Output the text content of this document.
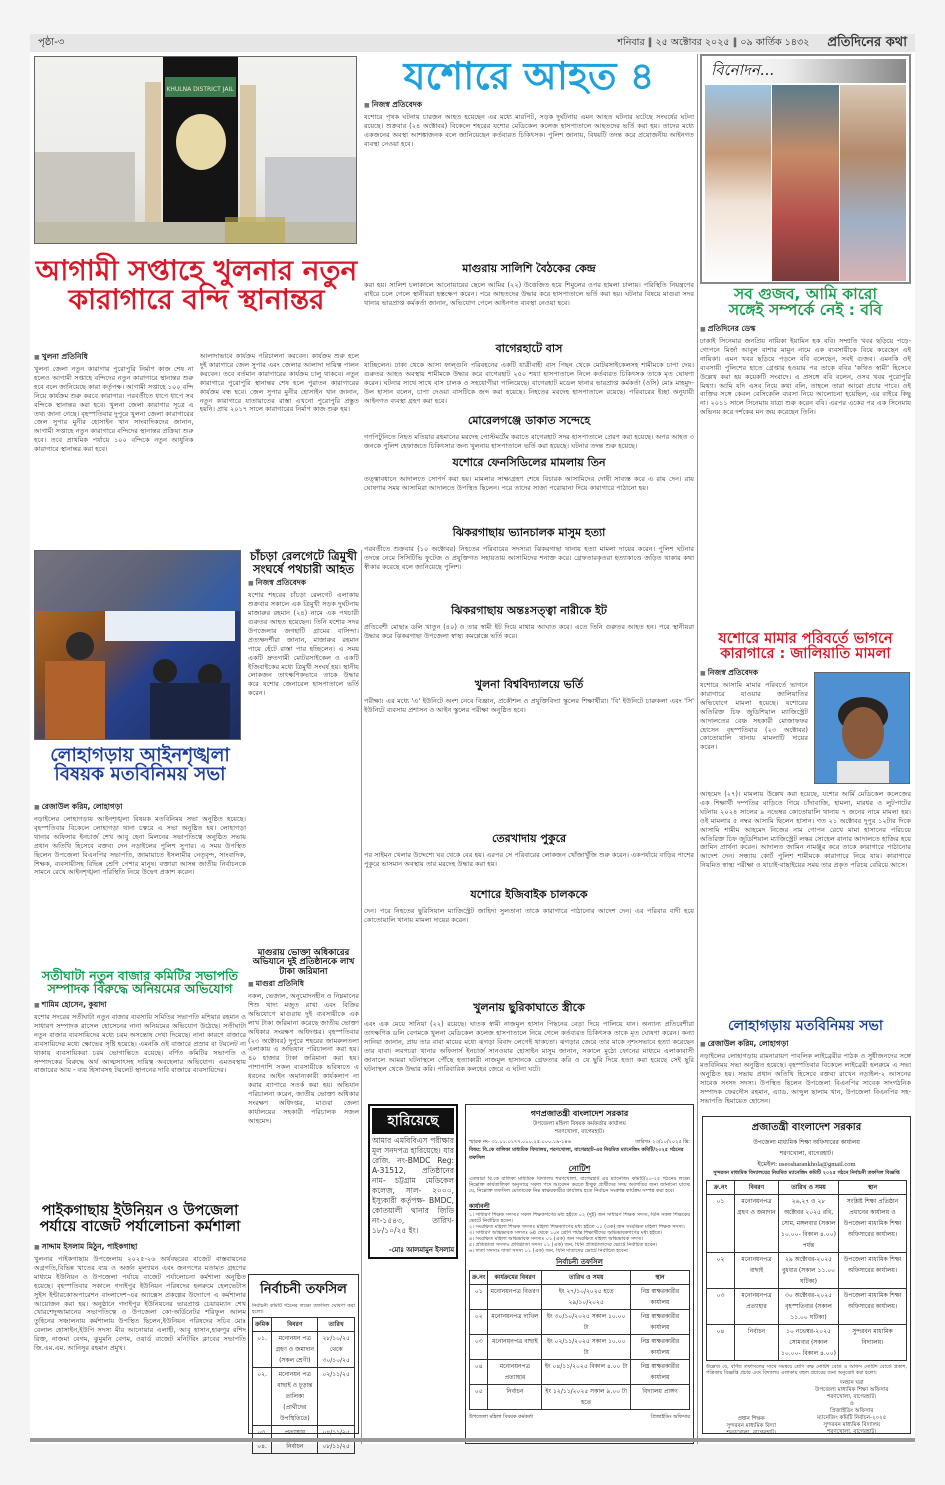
পৃষ্ঠা-৩	শনিবার ‖ ২৫ অক্টোবর ২০২৫ ‖ ০৯ কার্তিক ১৪৩২ প্রতিদিনের কথা
KHULNA DISTRICT JAIL
আগামী সপ্তাহে খুলনার নতুন
কারাগারে বন্দি স্থানান্তর
■ খুলনা প্রতিনিধি
খুলনা জেলা নতুন কারাগার পুরোপুরি নির্মাণ কাজ শেষ না হলেও আগামী সপ্তাহে বন্দিদের নতুন কারাগারে স্থানান্তর শুরু হবে বলে জানিয়েছে কারা কর্তৃপক্ষ। আগামী সপ্তাহে ১০০ বন্দি নিয়ে কার্যক্রম শুরু করবে কারাগার। পরবর্তীতে ধাপে ধাপে সব বন্দিকে স্থানান্তর করা হবে। খুলনা জেলা কারাগার সূত্রে এ তথ্য জানা গেছে। বৃহস্পতিবার দুপুরে খুলনা জেলা কারাগারের জেল সুপার মুনীর হোসাইন খান সাংবাদিকদের জানান, আগামী সপ্তাহে নতুন কারাগারে বন্দিদের স্থানান্তর প্রক্রিয়া শুরু হবে। তবে প্রাথমিক পর্যায়ে ১০০ বন্দিকে নতুন আধুনিক কারাগারে স্থানান্তর করা হবে।
আলাদাভাবে কার্যক্রম পরিচালনা করবেন। কার্যক্রম শুরু হলে দুই কারাগারে জেল সুপার এবং জেলার আলাদা দায়িত্ব পালন করবেন। তবে বর্তমান কারাগারের কার্যক্রম চালু থাকবে। নতুন কারাগারে পুরোপুরি স্থানান্তর শেষ হলে পুরাতন কারাগারের কার্যক্রম বন্ধ হবে। জেল সুপার মুনীর হোসাইন খান জানান, নতুন কারাগারে যাতায়াতের রাস্তা এখনো পুরোপুরি প্রস্তুত হয়নি। প্রায় ২০১৭ সালে কারাগারের নির্মাণ কাজ শুরু হয়।
চাঁচড়া রেলগেটে ত্রিমুখী সংঘর্ষে পথচারী আহত
■ নিজস্ব প্রতিবেদক
যশোর শহরের চাঁচড়া রেলগেট এলাকায় শুক্রবার সকালে এক ত্রিমুখী সড়ক দুর্ঘটনায় মাজারুর রহমান (২৪) নামে এক পথচারী গুরুতর আহত হয়েছেন। তিনি যশোর সদর উপজেলার জগহাটি গ্রামের বাসিন্দা। প্রত্যক্ষদর্শীরা জানান, মাজারুর রহমান পায়ে হেঁটে রাস্তা পার হচ্ছিলেন। এ সময় একটি দ্রুতগামী মোটরসাইকেল ও একটি ইজিবাইকের মধ্যে ত্রিমুখী সংঘর্ষ হয়। স্থানীয় লোকজন তাৎক্ষণিকভাবে তাকে উদ্ধার করে যশোর জেনারেল হাসপাতালে ভর্তি করেন।
লোহাগড়ায় আইনশৃঙ্খলা
বিষয়ক মতবিনিময় সভা
■ রেজাউল করিম, লোহাগড়া
নড়াইলের লোহাগড়ায় আইনশৃঙ্খলা বিষয়ক মতবিনিময় সভা অনুষ্ঠিত হয়েছে। বৃহস্পতিবার বিকেলে লোহাগড়া থানা চত্বরে এ সভা অনুষ্ঠিত হয়। লোহাগড়া থানার অফিসার ইনচার্জ শেখ আবু হেনা মিলনের সভাপতিত্বে অনুষ্ঠিত সভায় প্রধান অতিথি হিসেবে বক্তব্য দেন নড়াইলের পুলিশ সুপার। এ সময় উপস্থিত ছিলেন উপজেলা বিএনপির সভাপতি, জামায়াতে ইসলামীর নেতৃবৃন্দ, সাংবাদিক, শিক্ষক, ব্যবসায়ীসহ বিভিন্ন শ্রেণি পেশার মানুষ। বক্তারা আসন্ন জাতীয় নির্বাচনকে সামনে রেখে আইনশৃঙ্খলা পরিস্থিতি নিয়ে উদ্বেগ প্রকাশ করেন।
মাগুরায় ভোক্তা অধিকারের অভিযানে দুই প্রতিষ্ঠানকে লাখ টাকা জরিমানা
■ মাগুরা প্রতিনিধি
নকল, ভেজাল, অনুমোদনহীন ও নিম্নমানের শিশু খাদ্য মজুত রাখা এবং বিক্রির অভিযোগে মাগুরায় দুই ব্যবসায়ীকে এক লাখ টাকা জরিমানা করেছে জাতীয় ভোক্তা অধিকার সংরক্ষণ অধিদপ্তর। বৃহস্পতিবার (২৩ অক্টোবর) দুপুরে শহরের জামরুলতলা এলাকায় এ অভিযান পরিচালনা করা হয়। ৪০ হাজার টাকা জরিমানা করা হয়। পাশাপাশি সকল ব্যবসায়ীকে ভবিষ্যতে এ ধরনের আইন অমান্যকারী কার্যকলাপ না করার ব্যাপারে সতর্ক করা হয়। অভিযান পরিচালনা করেন, জাতীয় ভোক্তা অধিকার সংরক্ষণ অধিদপ্তর, মাগুরা জেলা কার্যালয়ের সহকারী পরিচালক সজল আহমেদ।
সতীঘাটা নতুন বাজার কমিটির সভাপতি
সম্পাদক বিরুদ্ধে অনিয়মের অভিযোগ
■ শামিম হোসেন, কুয়াদা
যশোর সদরের সতীঘাটা নতুন বাজার ব্যবসায়ি সমিতির সভাপতি মশিয়ার রহমান ও সাধারণ সম্পাদক রাসেল হোসেনের নানা অনিয়মের অভিযোগ উঠেছে। সতীঘাটা নতুন বাজার ব্যবসায়িদের মধ্যে চরম অসন্তোষ দেখা দিয়েছে। নানা কারণে বাজারে ব্যবসায়িদের মধ্যে ক্ষোভের সৃষ্টি হয়েছে। এমনকি ওই বাজারে প্রস্রাব বা টয়লেট না থাকায় ব্যবসায়িকরা চরম ভোগান্তিতে রয়েছে। বর্ণিত কমিটির সভাপতি ও সম্পাদকের বিরুদ্ধে অর্থ আত্মসাৎসহ দায়িত্ব অবহেলার অভিযোগ। এমতবস্থায় বাজারের আয় - ব্যয় হিসাবসহ টয়লেট স্থাপনের দাবি বাজারে ব্যবসায়িদের।
পাইকগাছায় ইউনিয়ন ও উপজেলা
পর্যায়ে বাজেট পর্যালোচনা কর্মশালা
■ সাদ্দাম ইসলাম মিঠুন, পাইকগাছা
খুলনার পাইকগাছায় উপজেলায় ২০২৫-২৬ অর্থবছরের বাজেট বাস্তবায়নের অগ্রগতি,বিভিন্ন খাতের ব্যয় ও অর্জন মূল্যায়ন এবং জনগণের মতামত গ্রহণের মাধ্যমে ইউনিয়ন ও উপজেলা পর্যায়ে বাজেট পর্যালোচনা কর্মশালা অনুষ্ঠিত হয়েছে। বৃহস্পতিবার সকালে গদাইপুর ইউনিয়ন পরিষদের হলরুমে হেলভেটাস সুইস ইন্টারকোঅপারেশন বাংলাদেশ-এর অ্যাক্সেস প্রকল্পের উদ্যোগে এ কর্মশালার আয়োজন করা হয়। অনুষ্ঠানে গদাইপুর ইউনিয়নের ভারপ্রাপ্ত চেয়ারম্যান শেখ খোরশেদুজ্জামানের সভাপতিত্বে ও উপজেলা কো-অর্ডিনেটর শরিফুল আলম তুহিনের সঞ্চালনায় কর্মশালায় উপস্থিত ছিলেন,ইউনিয়ন পরিষদের সচিব মোঃ বেলাল হোসাইন,ইউপি সদস্য মীর আনোয়ার এলাহী, আবু হাসান,হারুণুর রশিদ রিক্ত, নাজমা বেগম, ঝুমুমনি বেগম, ওয়ার্ড বাজেট মনিটরিং ক্লাবের সভাপতি জি.এম.এম. আনিসুর রহমান প্রমুখ।
নির্বাচনী তফসিল
নির্বাচনী কমিটি গঠনের লক্ষ্যে তফসিল ঘোষণা করা হলো।
ক্রমিক	বিবরণ	তারিখ
০১.	মনোনয়ন পত্র গ্রহণ ও জমাদান (সকল শ্রেণী)	২৮/১০/২৫ থেকে ৩০/১০/২৫
০২.	মনোনয়ন পত্র বাছাই ও চূড়ান্ত তালিকা (প্রার্থীদের উপস্থিতিতে)	০২/১১/২৫
০৩.	প্রত্যাহার	০৪/১১/২৫
০৪.	নির্বাচন	০৮/১১/২৫
যশোরে আহত ৪
■ নিজস্ব প্রতিবেদক
যশোরে পৃথক ঘটনায় চারজন আহত হয়েছেন এর মধ্যে মারপিট, সড়ক দুর্ঘটনায় এমন আহত ঘটনার ঘটেছে সংঘর্ষের ঘটনা রয়েছে। শুক্রবার (২৪ অক্টোবর) বিকেলে শহরের যশোর মেডিকেল কলেজ হাসপাতালে আহতদের ভর্তি করা হয়। তাদের মধ্যে একজনের অবস্থা আশঙ্কাজনক বলে জানিয়েছেন কর্তব্যরত চিকিৎসক। পুলিশ জানায়, বিষয়টি তদন্ত করে প্রয়োজনীয় আইনগত ব্যবস্থা নেওয়া হবে।
মাগুরায় সালিশি বৈঠকের কেন্দ্র
করা হয়। সালিশ চলাকালে আনোয়ারের ছেলে আমির (২২) উত্তেজিত হয়ে শিমুলের ওপর হামলা চালায়। পরিস্থিতি নিয়ন্ত্রণের বাইরে চলে গেলে স্থানীয়রা হস্তক্ষেপ করেন। পরে আহতদের উদ্ধার করে হাসপাতালে ভর্তি করা হয়। ঘটনার বিষয়ে মাগুরা সদর থানার ভারপ্রাপ্ত কর্মকর্তা জানান, অভিযোগ পেলে আইনগত ব্যবস্থা নেওয়া হবে।
বাগেরহাটে বাস
যাচ্ছিলেন। ঢাকা থেকে আসা ফাল্গুনি পরিবহনের একটি যাত্রীবাহী বাস পিছন থেকে মোটরসাইকেলসহ শামীমকে চাপা দেয়। গুরুতর আহত অবস্থায় শামীমকে উদ্ধার করে বাগেরহাট ২৫০ শয্যা হাসপাতালে নিলে কর্তব্যরত চিকিৎসক তাকে মৃত ঘোষণা করেন। ঘটনার সাথে সাথে বাস চালক ও সহযোগীরা পালিয়েছে। বাগেরহাট মডেল থানার ভারপ্রাপ্ত কর্মকর্তা (ওসি) মোঃ মাহমুদ-উল হাসান বলেন, চাপা দেওয়া বাসটিকে জব্দ করা হয়েছে। নিহতের মরদেহ হাসপাতালে রয়েছে। পরিবারের ইচ্ছা অনুযায়ী আইনগত ব্যবস্থা গ্রহণ করা হবে।
মোরেলগঞ্জে ডাকাত সন্দেহে
গণপিটুনিতে নিহত মতিয়ার রহমানের মরদেহ পোস্টমর্টেম করাতে বাগেরহাট সদর হাসপাতালে প্রেরণ করা হয়েছে। অপর আহত ৩ জনকে পুলিশ হেফাজতে চিকিৎসার জন্য খুলনায় হাসপাতালে ভর্তি করা হয়েছে। ঘটনার তদন্ত শুরু হয়েছে।
যশোরে ফেনসিডিলের মামলায় তিন
তত্ত্বাবধানে আদালতে সোপর্দ করা হয়। মামলার সাক্ষ্যগ্রহণ শেষে বিচারক আসামিদের দোষী সাব্যস্ত করে এ রায় দেন। রায় ঘোষণার সময় আসামিরা আদালতে উপস্থিত ছিলেন। পরে তাদের সাজা পরোয়ানা দিয়ে কারাগারে পাঠানো হয়।
ঝিকরগাছায় ভ্যানচালক মাসুম হত্যা
পরবর্তীতে শুক্রবার (১০ অক্টোবর) নিহতের পরিবারের সদস্যরা ঝিকরগাছা থানায় হত্যা মামলা দায়ের করেন। পুলিশ ঘটনার তদন্তে নেমে সিসিটিভি ফুটেজ ও প্রযুক্তিগত সহায়তায় আসামিদের শনাক্ত করে। গ্রেফতারকৃতরা হত্যাকাণ্ডে জড়িত থাকার কথা স্বীকার করেছে বলে জানিয়েছে পুলিশ।
ঝিকরগাছায় অন্তঃসত্ত্বা নারীকে ইট
প্রতিবেশী মোছাঃ ডলি খাতুন (৪০) ও তার স্বামী ইট দিয়ে মাথায় আঘাত করে। এতে তিনি গুরুতর আহত হন। পরে স্থানীয়রা উদ্ধার করে ঝিকরগাছা উপজেলা স্বাস্থ্য কমপ্লেক্সে ভর্তি করে।
খুলনা বিশ্ববিদ্যালয়ে ভর্তি
পরীক্ষা। এর মধ্যে 'এ' ইউনিটে অংশ নেবে বিজ্ঞান, প্রকৌশল ও প্রযুক্তিবিদ্যা স্কুলের শিক্ষার্থীরা। 'বি' ইউনিটে চারুকলা এবং 'সি' ইউনিটে ব্যবসায় প্রশাসন ও আইন স্কুলের পরীক্ষা অনুষ্ঠিত হবে।
তেরখাদায় পুকুরে
পর সাইমন খেলার উদ্দেশ্যে ঘর থেকে বের হয়। এরপর সে পরিবারের লোকজন খোঁজাখুঁজি শুরু করেন। একপর্যায়ে বাড়ির পাশের পুকুরে ভাসমান অবস্থায় তার মরদেহ উদ্ধার করা হয়।
যশোরে ইজিবাইক চালককে
দেন। পরে নিহতের ছুরিসিয়াল ম্যাজিস্ট্রেট জাহিদা সুলতানা তাকে কারাগারে পাঠানোর আদেশ দেন। এর পরিবার বাদী হয়ে কোতোয়ালি থানায় মামলা দায়ের করেন।
খুলনায় ছুরিকাঘাতে স্ত্রীকে
এবং এক মেয়ে সানিয়া (২২) রয়েছে। ঘাতক স্বামী নাজমুল হাসান পিছনের বেড়া দিয়ে পালিয়ে যান। অন্যান্য প্রতিবেশীরা তাৎক্ষণিক ডলি বেগমকে খুলনা মেডিকেল কলেজ হাসপাতালে নিয়ে গেলে কর্তব্যরত চিকিৎসক তাকে মৃত ঘোষণা করেন। কন্যা সানিয়া জানান, প্রায় তার বাবা মায়ের মধ্যে ঝগড়া বিবাদ লেগেই থাকতো। ঝগড়ার জেরে তার মাকে নৃশংসভাবে হত্যা করেছেন তার বাবা। লবণচরা থানার অফিসার্স ইনচার্জ সানওয়ার হোসাইন মাসুম জানান, সকালে মুঠো ফোনের মাধ্যমে এলাকাবাসী জানালে আমরা ঘটনাস্থলে পৌঁছে হত্যাকারী নাজমুল হাসানকে গ্রেফতার করি ও যে ছুরি দিয়ে হত্যা করা হয়েছে সেই ছুরি ঘটনাস্থল থেকে উদ্ধার করি। পারিবারিক কলহের জেরে এ ঘটনা ঘটে।
হারিয়েছে
আমার এমবিবিএস পরীক্ষার মূল সনদপত্র হারিয়েছে। যার রেজি. নং-BMDC Reg: A-31512, প্রতিষ্ঠানের নাম- চট্টগ্রাম মেডিকেল কলেজ, সাল- ২০০০, ইস্যুকারী কর্তৃপক্ষ- BMDC, কোতয়ালী থানার জিডি নং-১৫৪৩, তারিখ- ১৮/১০/২৫ ইং।
-মোঃ আলমামুন ইসলাম
গণপ্রজাতন্ত্রী বাংলাদেশ সরকার
উপজেলা মহিলা বিষয়ক কর্মকর্তার কার্যালয়
শরণখোলা, বাগেরহাট।
স্মারক নং- ৩১.০১.০১৭৭.০০০.২৫.০০০.১৯-১৪৬	তারিখঃ ২৩/১০/২০২৫ খ্রি:
বিষয়: বি.কে বালিকা মাধ্যমিক বিদ্যালয়, শরণখোলা, বাগেরহাট-এর নিয়মিত ম্যানেজিং কমিটি/২০২৫ গঠনের তফসিল
নোটিশ
এতদ্বারা বি.কে বালিকা মাধ্যমিক বিদ্যালয় শরণখোলা, বাগেরহাট এর ম্যানেজিং কমিটি/২০-২৫ গঠনের লক্ষ্যে নিম্নোক্ত কার্যতালিকা অনুসারে সকল পদে আবেদন করতে ইচ্ছুক প্রার্থীদের সদয় অবগতির জন্য জানানো যাচ্ছে যে, নিম্নোক্ত তফসিল মোতাবেক নিম্ন স্বাক্ষরকারীর কার্যালয় হতে নির্বাচন সংক্রান্ত কার্যক্রম সম্পন্ন করা হবে।
কার্যাবলী
১। সাধারণ শিক্ষক সদস্যঃ সকল শিক্ষকগণের মধ্য হইতে ০২ (দুই) জন সাধারণ শিক্ষক সদস্য, যিনি সকল শিক্ষকের ভোটে নির্বাচিত হবেন।
২। সংরক্ষিত মহিলা শিক্ষক সদস্যঃ মহিলা শিক্ষকগণের মধ্য হইতে ০১ (এক) জন সংরক্ষিত মহিলা শিক্ষক সদস্য।
৩। সাধারণ অভিভাবক সদস্যঃ ৬ষ্ঠ থেকে ১০ম শ্রেণি পর্যন্ত শিক্ষার্থীদের অভিভাবকগণের মধ্য হইতে।
৪। সংরক্ষিত মহিলা অভিভাবক সদস্যঃ ০১ (এক) জন সংরক্ষিত মহিলা অভিভাবক সদস্য।
৫। প্রতিষ্ঠাতা সদস্যঃ প্রতিষ্ঠাতা সদস্য ০১ (এক) জন, যিনি প্রতিষ্ঠাতাদের ভোটে নির্বাচিত হবেন।
৬। দাতা সদস্যঃ দাতা সদস্য ০১ (এক) জন, যিনি দাতাদের ভোটে নির্বাচিত হবেন।
নির্বাচনী তফসিল
ক্র.নং	কার্যক্রমের বিবরণ	তারিখ ও সময়	স্থান
০১	মনোনয়নপত্র বিতরণ	ইং ২৭/১০/২০২৫ হতে ২৯/১০/২০২৫	নিম্ন স্বাক্ষরকারীর কার্যালয়
০২	মনোনয়নপত্র দাখিল	ইং ৩০/১০/২০২৫ সকাল ১০.০০ টা	নিম্ন স্বাক্ষরকারীর কার্যালয়
০৩	মনোনয়নপত্র বাছাই	ইং ০২/১১/২০২৫ সকাল ১০.০০ টা	নিম্ন স্বাক্ষরকারীর কার্যালয়
০৪	মনোনয়নপত্র প্রত্যাহার	ইং ০৪/১১/২০২৫ বিকাল ৪.০০ টা	নিম্ন স্বাক্ষরকারীর কার্যালয়
০৫	নির্বাচন	ইং ১২/১১/২০২৫ সকাল ৯.০০ টা হতে	বিদ্যালয় প্রাঙ্গণ
উপজেলা মহিলা বিষয়ক কর্মকর্তা	প্রিজাইডিং অফিসার
বিনোদন...
সব গুজব, আমি কারো
সঙ্গেই সম্পর্কে নেই : ববি
■ প্রতিদিনের ডেস্ক
ঢাকাই সিনেমার জনপ্রিয় নায়িকা ইয়ামিন হক ববি। সম্প্রতি খবর ছড়িয়ে পড়ে- গোপনে মির্জা আবুল বাশার মামুন নামে এক ব্যবসায়ীকে বিয়ে করেছেন এই নায়িকা। এমন খবর ছড়িয়ে পড়লে ববি বলেছেন, সবই গুজব। এমনকি ওই ব্যবসায়ী পুলিশের হাতে গ্রেপ্তার হওয়ার পর তাকে ববির 'কথিত স্বামী' হিসেবে উল্লেখ করা হয় কয়েকটি সংবাদে। এ প্রসঙ্গে ববি বলেন, ওসব খবর পুরোপুরি মিথ্যা। আমি যদি এসব নিয়ে কথা বলি, তাহলে তারা আরো প্রচার পাবে। ওই ব্যক্তির সঙ্গে কেবল বেসিকেলি ব্যবসা নিয়ে আলোচনা হয়েছিল, এর বাইরে কিছু না। ২০১১ সালে সিনেমায় যাত্রা শুরু করেন ববি। এরপর একের পর এক সিনেমায় অভিনয় করে দর্শকের মন জয় করেছেন তিনি।
যশোরে মামার পরিবর্তে ভাগনে
কারাগারে : জালিয়াতি মামলা
■ নিজস্ব প্রতিবেদক
যশোরে আসামি মামার পরিবর্তে ভাগনে কারাগারে যাওয়ার জালিয়াতির অভিযোগে মামলা হয়েছে। যশোরের অতিরিক্ত চিফ জুডিশিয়াল ম্যাজিস্ট্রেট আদালতের বেঞ্চ সহকারী মোজাফফর হোসেন বৃহস্পতিবার (২৩ অক্টোবর) কোতোয়ালি থানায় মামলাটি দায়ের করেন।
আহমেদ (২৭)। মামলায় উল্লেখ করা হয়েছে, যশোর আর্মি মেডিকেল কলেজের এক শিক্ষার্থী দম্পতির বাড়িতে গিয়ে চাঁদাবাজি, হামলা, মারধর ও লুটপাটের ঘটনায় ২০২৪ সালের ৯ নভেম্বর কোতোয়ালি থানায় ৭ জনের নামে মামলা হয়। ওই মামলার ৫ নম্বর আসামি ছিলেন হাসান। গত ২১ অক্টোবর দুপুর ১২টার দিকে আসামি শামীম আহমেদ নিজের নাম গোপন রেখে মামা হাসানের পরিচয়ে অতিরিক্ত চিফ জুডিশিয়াল ম্যাজিস্ট্রেট লস্কর সোহেল রানার আদালতে হাজির হয়ে জামিন প্রার্থনা করেন। আদালত জামিন নামঞ্জুর করে তাকে কারাগারে পাঠানোর আদেশ দেন। সন্ধ্যায় কোর্ট পুলিশ শামীমকে কারাগারে নিয়ে যায়। কারাগারে নিয়মিত স্বাস্থ্য পরীক্ষা ও যাচাই-বাছাইয়ের সময় তার প্রকৃত পরিচয় বেরিয়ে আসে।
লোহাগড়ায় মতবিনিময় সভা
■ রেজাউল করিম, লোহাগড়া
নড়াইলের লোহাগড়ায় রামনারায়ণ পাবলিক লাইব্রেরীর পাঠক ও সুধীজনদের সঙ্গে মতবিনিময় সভা অনুষ্ঠিত হয়েছে। বৃহস্পতিবার বিকেলে লাইব্রেরী হলরুমে এ সভা অনুষ্ঠিত হয়। সভায় প্রধান অতিথি হিসেবে বক্তব্য রাখেন নড়াইল-২ আসনের সাবেক সংসদ সদস্য। উপস্থিত ছিলেন উপজেলা বিএনপির সাবেক সাংগঠনিক সম্পাদক ফেরদৌস রহমান, এ্যাড. আব্দুল ছালাম খান, উপজেলা বিএনপির সহ-সভাপতি হিমায়েত হোসেন।
প্রজাতন্ত্রী বাংলাদেশ সরকার
উপজেলা মাধ্যমিক শিক্ষা অফিসারের কার্যালয়
শরণখোলা, বাগেরহাট।
ইমেইল: useosharankhola@gmail.com
সুন্দরবন মাধ্যমিক বিদ্যালয়ের নিয়মিত ম্যানেজিং কমিটি ২০২৫ গঠনে নির্বাচনী তফসিল বিজ্ঞপ্তি
ক্র.নং	বিবরণ	তারিখ ও সময়	স্থান
০১	মনোনয়নপত্র গ্রহণ ও জমাদান	২৬,২৭ ও ২৮ অক্টোবর ২০২৫ রবি, সোম, মঙ্গলবার (সকাল ১০.০০- বিকাল ৪.০০) পর্যন্ত	সংশ্লিষ্ট শিক্ষা প্রতিষ্ঠান প্রধানের কার্যালয় ও উপজেলা মাধ্যমিক শিক্ষা অফিসারের কার্যালয়।
০২	মনোনয়নপত্র বাছাই	২৯ অক্টোবর-২০২৫ বুধবার (সকাল ১১.০০ ঘটিকা)	উপজেলা মাধ্যমিক শিক্ষা অফিসারের কার্যালয়।
০৩	মনোনয়নপত্র প্রত্যাহার	৩০ অক্টোবর-২০২৫ বৃহস্পতিবার (সকাল ১১.০০ ঘটিকা)	উপজেলা মাধ্যমিক শিক্ষা অফিসারের কার্যালয়।
০৪	নির্বাচন	১০ নভেম্বর-২০২৫ সোমবার (সকাল ১০.০০- বিকাল ৪.০০)	সুন্দরবন মাধ্যমিক বিদ্যালয়।
উল্লেখ্য যে, বর্ণিত তফসিলের সাথে সমন্বয়ে শ্রেণি কক্ষ নোটিশ বোর্ড ও অফিস নোটিশ বোর্ডে প্রকাশ, পত্রিকায় বিজ্ঞপ্তি প্রচার এবং বিদ্যালয় এলাকায় বহুল প্রচারের জন্য অনুরোধ করা হলো।
প্রধান শিক্ষক
সুন্দরবন মাধ্যমিক বিদ্যা
শরণখোলা, বাগেরহাট।
দনহান ঘরা
উপজেলা মাধ্যমিক শিক্ষা অফিসার
শরণখোলা, বাগেরহাট।
ও
প্রিজাইডিং অফিসার
ম্যানেজিং কমিটি নির্বাচন-২০২৫
সুন্দরবন মাধ্যমিক বিদ্যালয়
শরণখোলা, বাগেরহাট।
